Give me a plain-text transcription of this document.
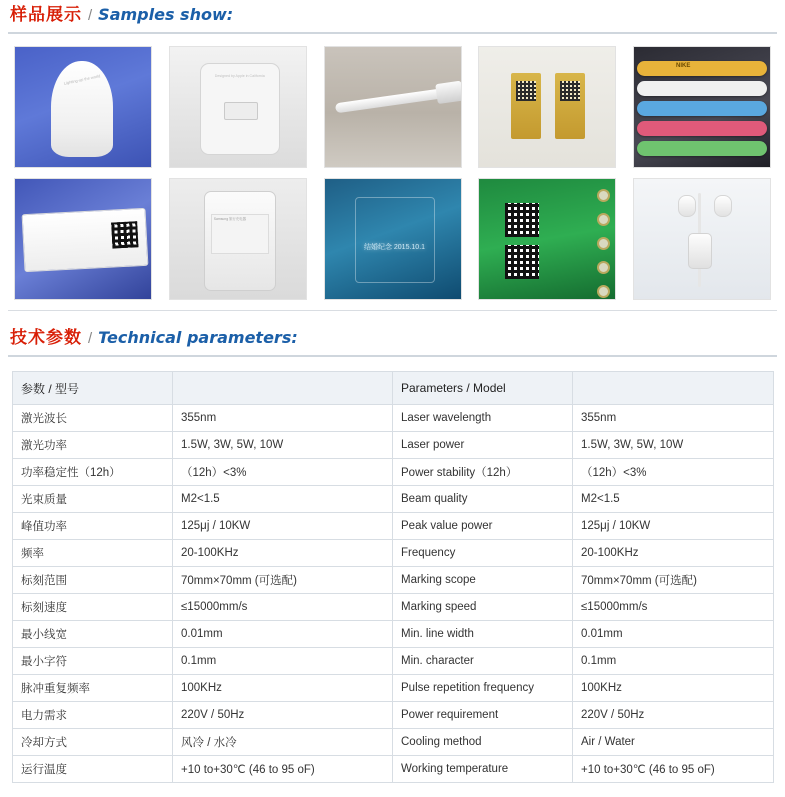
样品展示 / Samples show:
Lighting-up the world	Designed by Apple in California
NIKE
Samsung 旅行充电器
结婚纪念 2015.10.1
技术参数 / Technical parameters:
参数 / 型号		Parameters / Model	
激光波长	355nm	Laser wavelength	355nm
激光功率	1.5W, 3W, 5W, 10W	Laser power	1.5W, 3W, 5W, 10W
功率稳定性（12h）	（12h）<3%	Power stability（12h）	（12h）<3%
光束质量	M2<1.5	Beam quality	M2<1.5
峰值功率	125μj / 10KW	Peak value power	125μj / 10KW
频率	20-100KHz	Frequency	20-100KHz
标刻范围	70mm×70mm (可选配)	Marking scope	70mm×70mm (可选配)
标刻速度	≤15000mm/s	Marking speed	≤15000mm/s
最小线宽	0.01mm	Min. line width	0.01mm
最小字符	0.1mm	Min. character	0.1mm
脉冲重复频率	100KHz	Pulse repetition frequency	100KHz
电力需求	220V / 50Hz	Power requirement	220V / 50Hz
冷却方式	风冷 / 水冷	Cooling method	Air / Water
运行温度	+10 to+30℃ (46 to 95 oF)	Working temperature	+10 to+30℃ (46 to 95 oF)
